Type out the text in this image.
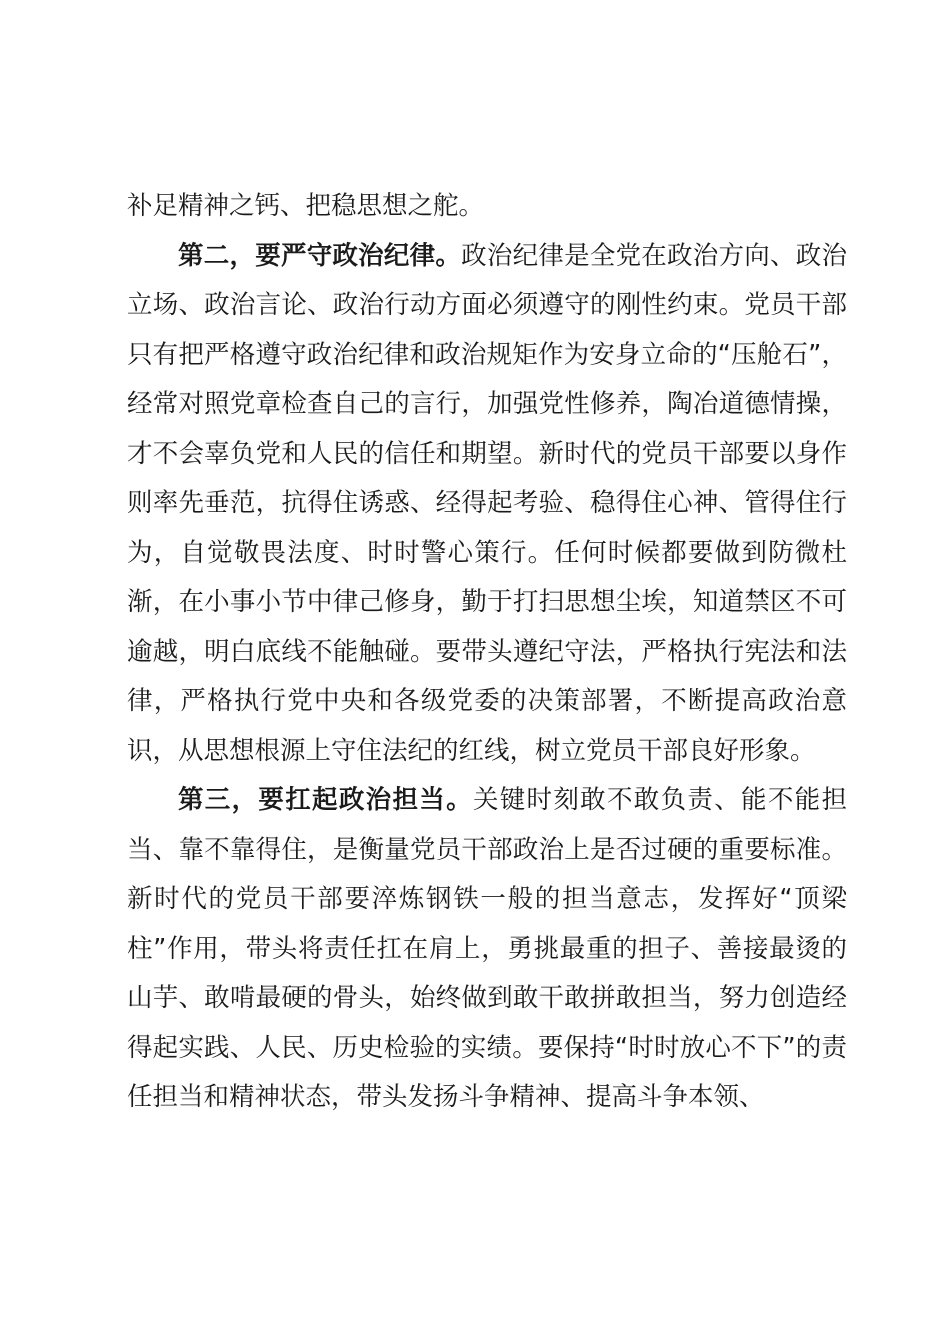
补足精神之钙、把稳思想之舵。

第二，要严守政治纪律。政治纪律是全党在政治方向、政治立场、政治言论、政治行动方面必须遵守的刚性约束。党员干部只有把严格遵守政治纪律和政治规矩作为安身立命的“压舱石”，经常对照党章检查自己的言行，加强党性修养，陶冶道德情操，才不会辜负党和人民的信任和期望。新时代的党员干部要以身作则率先垂范，抗得住诱惑、经得起考验、稳得住心神、管得住行为，自觉敬畏法度、时时警心策行。任何时候都要做到防微杜渐，在小事小节中律己修身，勤于打扫思想尘埃，知道禁区不可逾越，明白底线不能触碰。要带头遵纪守法，严格执行宪法和法律，严格执行党中央和各级党委的决策部署，不断提高政治意识，从思想根源上守住法纪的红线，树立党员干部良好形象。

第三，要扛起政治担当。关键时刻敢不敢负责、能不能担当、靠不靠得住，是衡量党员干部政治上是否过硬的重要标准。新时代的党员干部要淬炼钢铁一般的担当意志，发挥好“顶梁柱”作用，带头将责任扛在肩上，勇挑最重的担子、善接最烫的山芋、敢啃最硬的骨头，始终做到敢干敢拼敢担当，努力创造经得起实践、人民、历史检验的实绩。要保持“时时放心不下”的责任担当和精神状态，带头发扬斗争精神、提高斗争本领、
